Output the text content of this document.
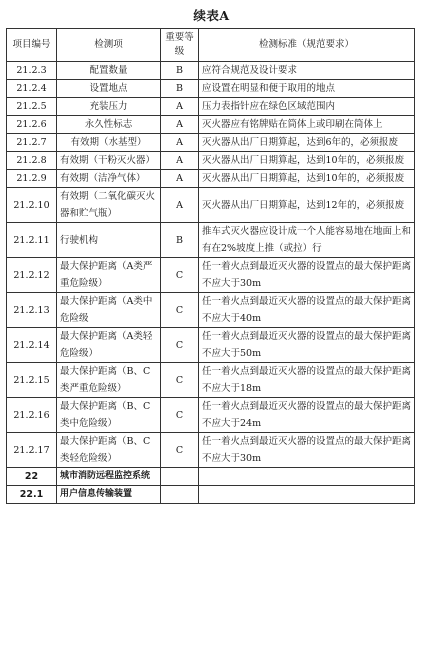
续表A
项目编号	检测项	重要等级	检测标准（规范要求）
21.2.3	配置数量	B	应符合规范及设计要求
21.2.4	设置地点	B	应设置在明显和便于取用的地点
21.2.5	充装压力	A	压力表指针应在绿色区域范围内
21.2.6	永久性标志	A	灭火器应有铭牌贴在筒体上或印刷在筒体上
21.2.7	有效期（水基型）	A	灭火器从出厂日期算起，达到6年的，必须报废
21.2.8	有效期（干粉灭火器）	A	灭火器从出厂日期算起，达到10年的，必须报废
21.2.9	有效期（洁净气体）	A	灭火器从出厂日期算起，达到10年的，必须报废
21.2.10	有效期（二氧化碳灭火器和贮气瓶）	A	灭火器从出厂日期算起，达到12年的，必须报废
21.2.11	行驶机构	B	推车式灭火器应设计成一个人能容易地在地面上和有在2%坡度上推（或拉）行
21.2.12	最大保护距离（A类严重危险级）	C	任一着火点到最近灭火器的设置点的最大保护距离不应大于30m
21.2.13	最大保护距离（A类中危险级	C	任一着火点到最近灭火器的设置点的最大保护距离不应大于40m
21.2.14	最大保护距离（A类轻危险级）	C	任一着火点到最近灭火器的设置点的最大保护距离不应大于50m
21.2.15	最大保护距离（B、C类严重危险级）	C	任一着火点到最近灭火器的设置点的最大保护距离不应大于18m
21.2.16	最大保护距离（B、C类中危险级）	C	任一着火点到最近灭火器的设置点的最大保护距离不应大于24m
21.2.17	最大保护距离（B、C类轻危险级）	C	任一着火点到最近灭火器的设置点的最大保护距离不应大于30m
22	城市消防远程监控系统		
22.1	用户信息传输装置		
